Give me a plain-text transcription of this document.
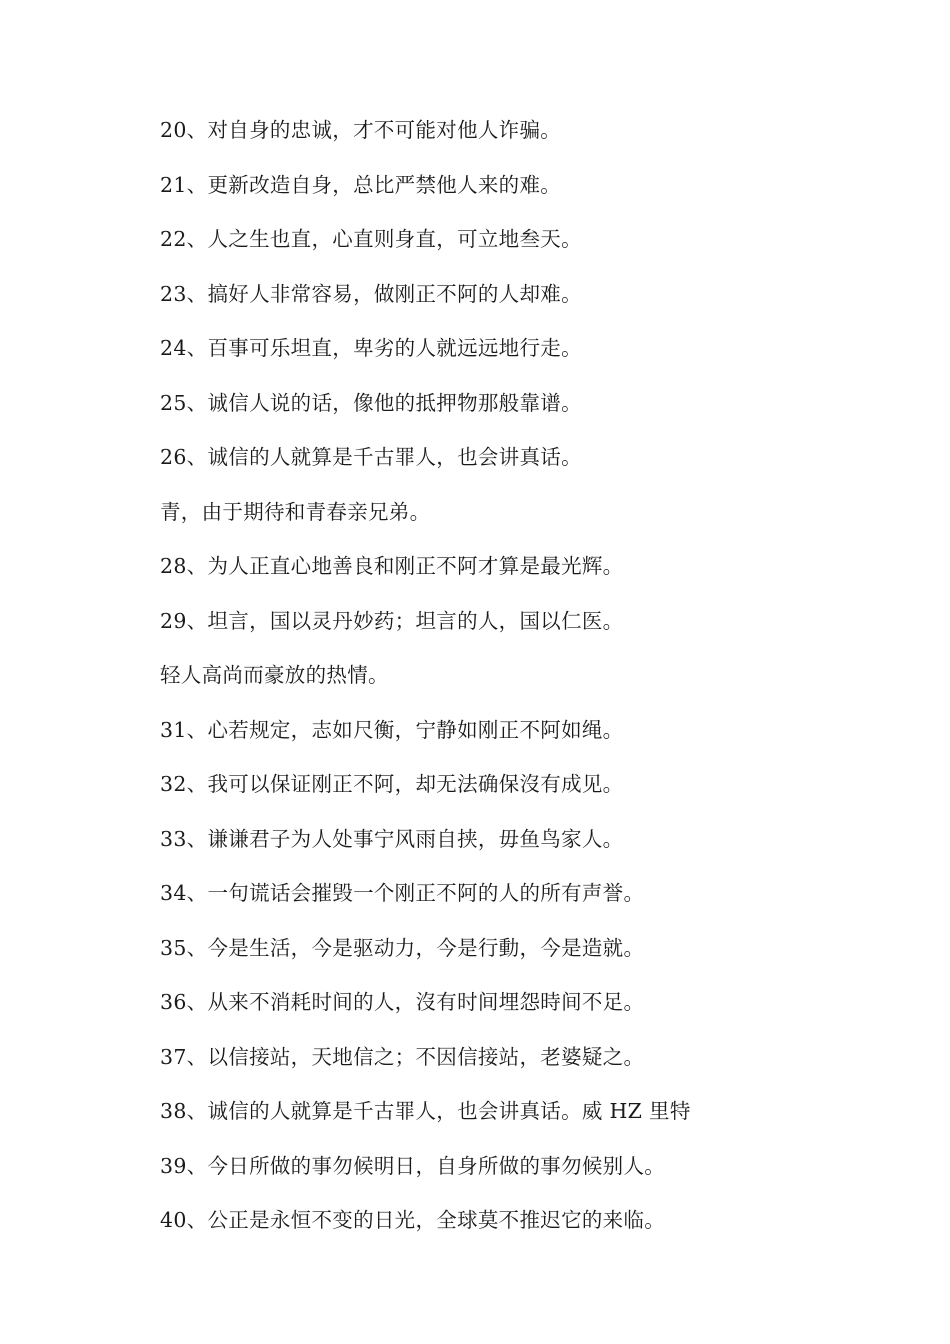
20、对自身的忠诚，才不可能对他人诈骗。
21、更新改造自身，总比严禁他人来的难。
22、人之生也直，心直则身直，可立地叁天。
23、搞好人非常容易，做刚正不阿的人却难。
24、百事可乐坦直，卑劣的人就远远地行走。
25、诚信人说的话，像他的抵押物那般靠谱。
26、诚信的人就算是千古罪人，也会讲真话。
青，由于期待和青春亲兄弟。
28、为人正直心地善良和刚正不阿才算是最光辉。
29、坦言，国以灵丹妙药；坦言的人，国以仁医。
轻人高尚而豪放的热情。
31、心若规定，志如尺衡，宁静如刚正不阿如绳。
32、我可以保证刚正不阿，却无法确保沒有成见。
33、谦谦君子为人处事宁风雨自挟，毋鱼鸟家人。
34、一句谎话会摧毁一个刚正不阿的人的所有声誉。
35、今是生活，今是驱动力，今是行動，今是造就。
36、从来不消耗时间的人，沒有时间埋怨時间不足。
37、以信接站，天地信之；不因信接站，老婆疑之。
38、诚信的人就算是千古罪人，也会讲真话。威 HZ 里特
39、今日所做的事勿候明日，自身所做的事勿候别人。
40、公正是永恒不变的日光，全球莫不推迟它的来临。
